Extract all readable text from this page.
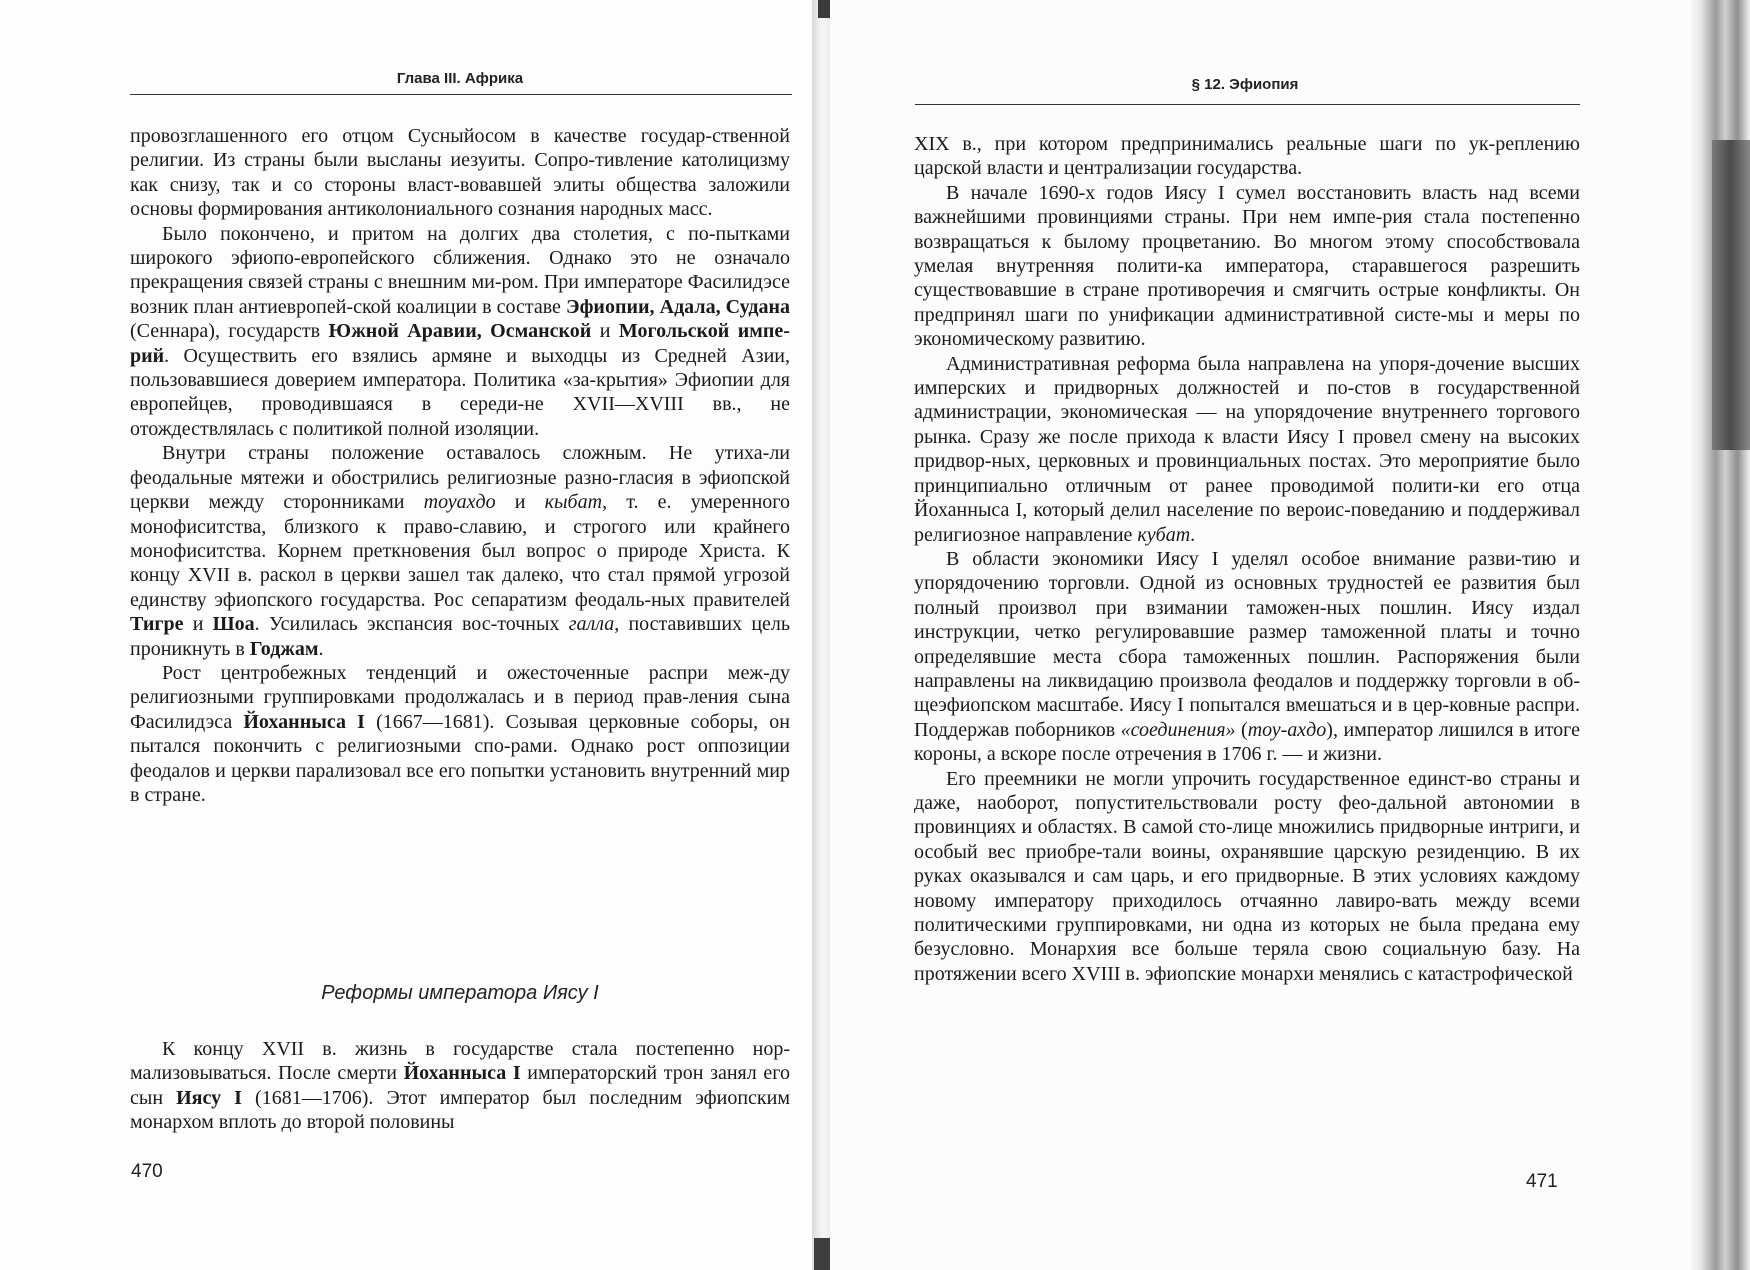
Глава III. Африка

провозглашенного его отцом Сусныйосом в качестве государ-ственной религии. Из страны были высланы иезуиты. Сопро-тивление католицизму как снизу, так и со стороны власт-вовавшей элиты общества заложили основы формирования антиколониального сознания народных масс.

Было покончено, и притом на долгих два столетия, с по-пытками широкого эфиопо-европейского сближения. Однако это не означало прекращения связей страны с внешним ми-ром. При императоре Фасилидэсе возник план антиевропей-ской коалиции в составе Эфиопии, Адала, Судана (Сеннара), государств Южной Аравии, Османской и Могольской импе-рий. Осуществить его взялись армяне и выходцы из Средней Азии, пользовавшиеся доверием императора. Политика «за-крытия» Эфиопии для европейцев, проводившаяся в середи-не XVII—XVIII вв., не отождествлялась с политикой полной изоляции.

Внутри страны положение оставалось сложным. Не утиха-ли феодальные мятежи и обострились религиозные разно-гласия в эфиопской церкви между сторонниками тоуахдо и кыбат, т. е. умеренного монофиситства, близкого к право-славию, и строгого или крайнего монофиситства. Корнем преткновения был вопрос о природе Христа. К концу XVII в. раскол в церкви зашел так далеко, что стал прямой угрозой единству эфиопского государства. Рос сепаратизм феодаль-ных правителей Тигре и Шоа. Усилилась экспансия вос-точных галла, поставивших цель проникнуть в Годжам.

Рост центробежных тенденций и ожесточенные распри меж-ду религиозными группировками продолжалась и в период прав-ления сына Фасилидэса Йоханныса I (1667—1681). Созывая церковные соборы, он пытался покончить с религиозными спо-рами. Однако рост оппозиции феодалов и церкви парализовал все его попытки установить внутренний мир в стране.

Реформы императора Иясу I

К концу XVII в. жизнь в государстве стала постепенно нор-мализовываться. После смерти Йоханныса I императорский трон занял его сын Иясу I (1681—1706). Этот император был последним эфиопским монархом вплоть до второй половины

470
§ 12. Эфиопия

XIX в., при котором предпринимались реальные шаги по ук-реплению царской власти и централизации государства.

В начале 1690-х годов Иясу I сумел восстановить власть над всеми важнейшими провинциями страны. При нем импе-рия стала постепенно возвращаться к былому процветанию. Во многом этому способствовала умелая внутренняя полити-ка императора, старавшегося разрешить существовавшие в стране противоречия и смягчить острые конфликты. Он предпринял шаги по унификации административной систе-мы и меры по экономическому развитию.

Административная реформа была направлена на упоря-дочение высших имперских и придворных должностей и по-стов в государственной администрации, экономическая — на упорядочение внутреннего торгового рынка. Сразу же после прихода к власти Иясу I провел смену на высоких придвор-ных, церковных и провинциальных постах. Это мероприятие было принципиально отличным от ранее проводимой полити-ки его отца Йоханныса I, который делил население по вероис-поведанию и поддерживал религиозное направление кубат.

В области экономики Иясу I уделял особое внимание разви-тию и упорядочению торговли. Одной из основных трудностей ее развития был полный произвол при взимании таможен-ных пошлин. Иясу издал инструкции, четко регулировавшие размер таможенной платы и точно определявшие места сбора таможенных пошлин. Распоряжения были направлены на ликвидацию произвола феодалов и поддержку торговли в об-щеэфиопском масштабе. Иясу I попытался вмешаться и в цер-ковные распри. Поддержав поборников «соединения» (тоу-ахдо), император лишился в итоге короны, а вскоре после отречения в 1706 г. — и жизни.

Его преемники не могли упрочить государственное единст-во страны и даже, наоборот, попустительствовали росту фео-дальной автономии в провинциях и областях. В самой сто-лице множились придворные интриги, и особый вес приобре-тали воины, охранявшие царскую резиденцию. В их руках оказывался и сам царь, и его придворные. В этих условиях каждому новому императору приходилось отчаянно лавиро-вать между всеми политическими группировками, ни одна из которых не была предана ему безусловно. Монархия все больше теряла свою социальную базу. На протяжении всего XVIII в. эфиопские монархи менялись с катастрофической

471
